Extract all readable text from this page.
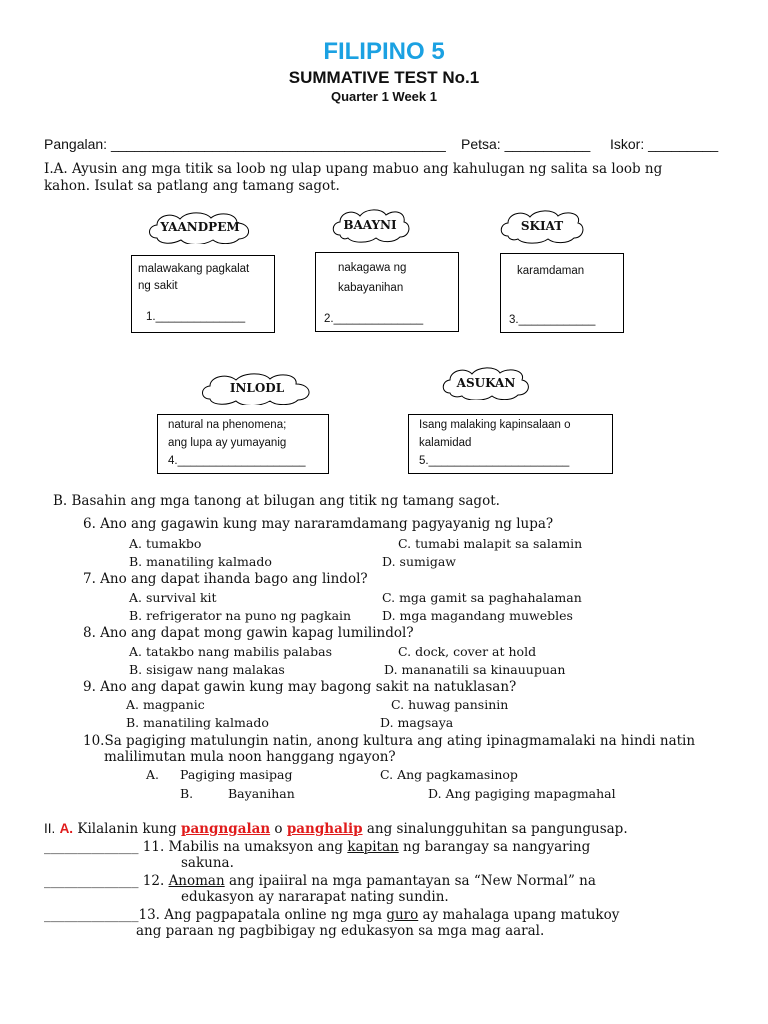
FILIPINO 5
SUMMATIVE TEST No.1
Quarter 1 Week 1
Pangalan: ___________________________________________ Petsa: ___________ Iskor: _________
I.A. Ayusin ang mga titik sa loob ng ulap upang mabuo ang kahulugan ng salita sa loob ng
kahon. Isulat sa patlang ang tamang sagot.
YAANDPEM	BAAYNI	SKIAT
INLODL	ASUKAN
malawakang pagkalat
ng sakit
1.______________
nakagawa ng
kabayanihan
2.______________
karamdaman
3.____________
natural na phenomena;
ang lupa ay yumayanig
4.____________________
Isang malaking kapinsalaan o
kalamidad
5.______________________
B. Basahin ang mga tanong at bilugan ang titik ng tamang sagot.
6. Ano ang gagawin kung may nararamdamang pagyayanig ng lupa?
A. tumakbo	C. tumabi malapit sa salamin
B. manatiling kalmado	D. sumigaw
7. Ano ang dapat ihanda bago ang lindol?
A. survival kit	C. mga gamit sa paghahalaman
B. refrigerator na puno ng pagkain D. mga magandang muwebles
8. Ano ang dapat mong gawin kapag lumilindol?
A. tatakbo nang mabilis palabas	C. dock, cover at hold
B. sisigaw nang malakas	D. mananatili sa kinauupuan
9. Ano ang dapat gawin kung may bagong sakit na natuklasan?
A. magpanic	C. huwag pansinin
B. manatiling kalmado	D. magsaya
10.Sa pagiging matulungin natin, anong kultura ang ating ipinagmamalaki na hindi natin
malilimutan mula noon hanggang ngayon?
A. Pagiging masipag	C. Ang pagkamasinop
B.	Bayanihan	D. Ang pagiging mapagmahal
II. A. Kilalanin kung pangngalan o panghalip ang sinalungguhitan sa pangungusap.
______________ 11. Mabilis na umaksyon ang kapitan ng barangay sa nangyaring
sakuna.
______________ 12. Anoman ang ipaiiral na mga pamantayan sa “New Normal” na
edukasyon ay nararapat nating sundin.
______________13. Ang pagpapatala online ng mga guro ay mahalaga upang matukoy
ang paraan ng pagbibigay ng edukasyon sa mga mag aaral.
